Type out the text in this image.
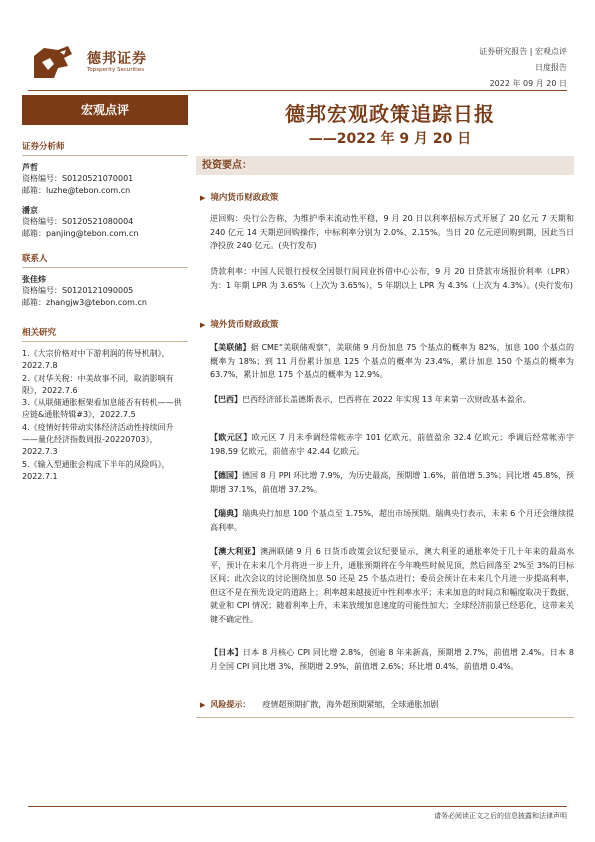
德邦证券
Topsperity Securities
证券研究报告 | 宏观点评
日度报告
2022 年 09 月 20 日
宏观点评
证券分析师
芦哲
资格编号：S0120521070001
邮箱：luzhe@tebon.com.cn
潘京
资格编号：S0120521080004
邮箱：panjing@tebon.com.cn
联系人
张佳炜
资格编号：S0120121090005
邮箱：zhangjw3@tebon.com.cn
相关研究
1.《大宗价格对中下游利润的传导机制》，2022.7.8
2.《对华关税：中美故事不同，取消影响有限》，2022.7.6
3.《从联储通胀框架看加息能否有转机——供应链&通胀特辑#3》，2022.7.5
4.《疫情好转带动实体经济活动性持续回升——量化经济指数周报-20220703》，2022.7.3
5.《输入型通胀会构成下半年的风险吗》，2022.7.1
德邦宏观政策追踪日报
——2022 年 9 月 20 日
投资要点：
▶ 境内货币财政政策
逆回购：央行公告称，为维护季末流动性平稳，9 月 20 日以利率招标方式开展了 20 亿元 7 天期和 240 亿元 14 天期逆回购操作，中标利率分别为 2.0%、2.15%。当日 20 亿元逆回购到期，因此当日净投放 240 亿元。(央行发布)
贷款利率：中国人民银行授权全国银行间同业拆借中心公布，9 月 20 日贷款市场报价利率（LPR）为：1 年期 LPR 为 3.65%（上次为 3.65%），5 年期以上 LPR 为 4.3%（上次为 4.3%）。(央行发布)
▶ 境外货币财政政策
【美联储】据 CME“美联储观察”，美联储 9 月份加息 75 个基点的概率为 82%，加息 100 个基点的概率为 18%；到 11 月份累计加息 125 个基点的概率为 23.4%，累计加息 150 个基点的概率为 63.7%，累计加息 175 个基点的概率为 12.9%。
【巴西】巴西经济部长盖德斯表示，巴西将在 2022 年实现 13 年来第一次财政基本盈余。
【欧元区】欧元区 7 月未季调经常帐赤字 101 亿欧元，前值盈余 32.4 亿欧元；季调后经常帐赤字 198.59 亿欧元，前值赤字 42.44 亿欧元。
【德国】德国 8 月 PPI 环比增 7.9%，为历史最高，预期增 1.6%，前值增 5.3%；同比增 45.8%，预期增 37.1%，前值增 37.2%。
【瑞典】瑞典央行加息 100 个基点至 1.75%，超出市场预期。瑞典央行表示，未来 6 个月还会继续提高利率。
【澳大利亚】澳洲联储 9 月 6 日货币政策会议纪要显示，澳大利亚的通胀率处于几十年来的最高水平，预计在未来几个月将进一步上升，通胀预期将在今年晚些时候见顶，然后回落至 2%至 3%的目标区间；此次会议的讨论围绕加息 50 还是 25 个基点进行；委员会预计在未来几个月进一步提高利率，但这不是在预先设定的道路上；利率越来越接近中性利率水平；未来加息的时间点和幅度取决于数据、就业和 CPI 情况；随着利率上升，未来放缓加息速度的可能性加大；全球经济前景已经恶化，这带来关键不确定性。
【日本】日本 8 月核心 CPI 同比增 2.8%，创逾 8 年来新高，预期增 2.7%，前值增 2.4%。日本 8 月全国 CPI 同比增 3%，预期增 2.9%，前值增 2.6%；环比增 0.4%，前值增 0.4%。
▶ 风险提示： 疫情超预期扩散，海外超预期紧缩，全球通胀加剧
请务必阅读正文之后的信息披露和法律声明
